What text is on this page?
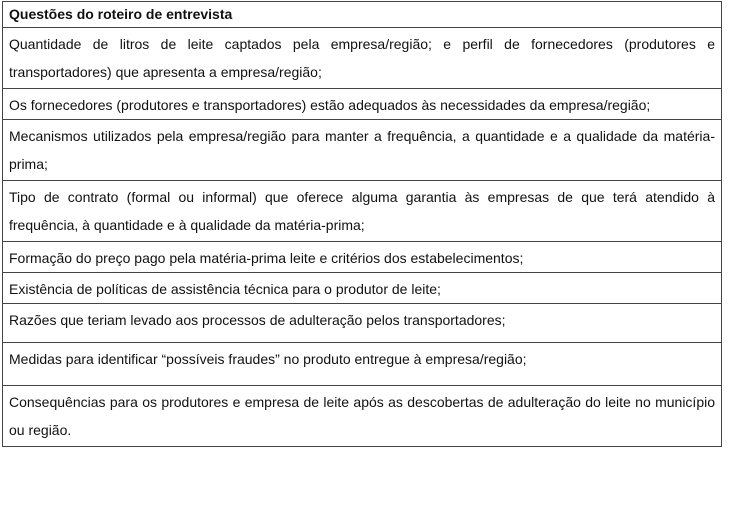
Questões do roteiro de entrevista
Quantidade de litros de leite captados pela empresa/região; e perfil de fornecedores (produtores e transportadores) que apresenta a empresa/região;
Os fornecedores (produtores e transportadores) estão adequados às necessidades da empresa/região;
Mecanismos utilizados pela empresa/região para manter a frequência, a quantidade e a qualidade da matéria-prima;
Tipo de contrato (formal ou informal) que oferece alguma garantia às empresas de que terá atendido à frequência, à quantidade e à qualidade da matéria-prima;
Formação do preço pago pela matéria-prima leite e critérios dos estabelecimentos;
Existência de políticas de assistência técnica para o produtor de leite;
Razões que teriam levado aos processos de adulteração pelos transportadores;
Medidas para identificar “possíveis fraudes” no produto entregue à empresa/região;
Consequências para os produtores e empresa de leite após as descobertas de adulteração do leite no município ou região.
